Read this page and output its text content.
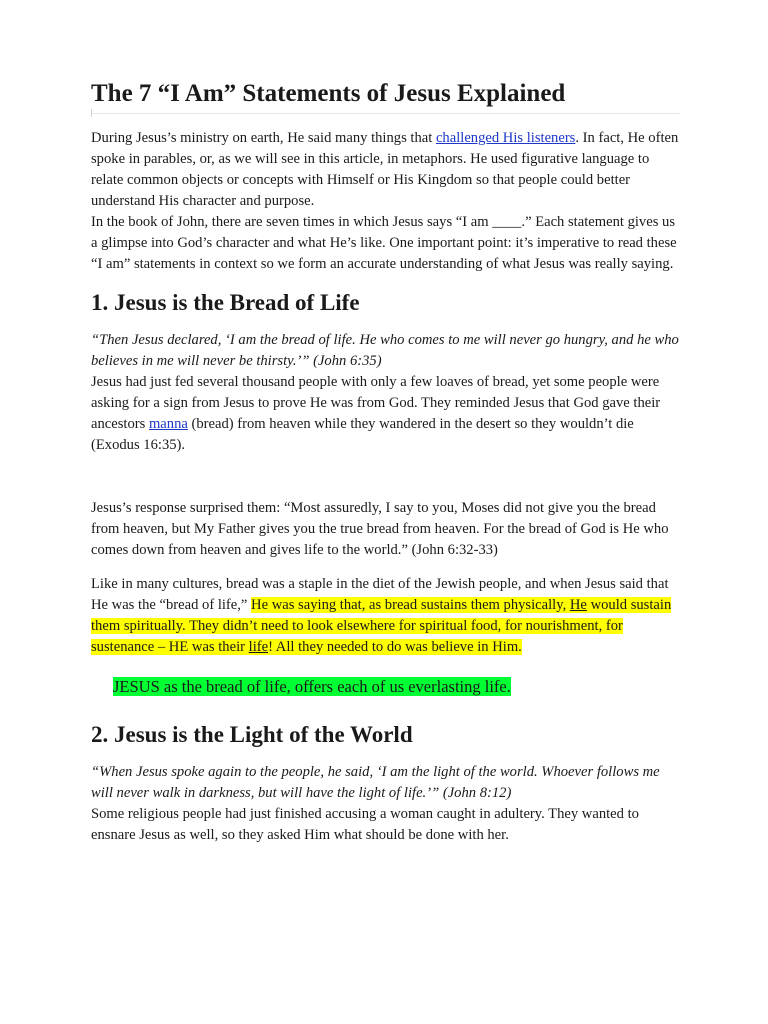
The 7 “I Am” Statements of Jesus Explained

During Jesus’s ministry on earth, He said many things that challenged His listeners. In fact, He often spoke in parables, or, as we will see in this article, in metaphors. He used figurative language to relate common objects or concepts with Himself or His Kingdom so that people could better understand His character and purpose.

In the book of John, there are seven times in which Jesus says “I am ____.” Each statement gives us a glimpse into God’s character and what He’s like. One important point: it’s imperative to read these “I am” statements in context so we form an accurate understanding of what Jesus was really saying.

1. Jesus is the Bread of Life

“Then Jesus declared, ‘I am the bread of life. He who comes to me will never go hungry, and he who believes in me will never be thirsty.’” (John 6:35)

Jesus had just fed several thousand people with only a few loaves of bread, yet some people were asking for a sign from Jesus to prove He was from God. They reminded Jesus that God gave their ancestors manna (bread) from heaven while they wandered in the desert so they wouldn’t die (Exodus 16:35).

Jesus’s response surprised them: “Most assuredly, I say to you, Moses did not give you the bread from heaven, but My Father gives you the true bread from heaven. For the bread of God is He who comes down from heaven and gives life to the world.” (John 6:32-33)

Like in many cultures, bread was a staple in the diet of the Jewish people, and when Jesus said that He was the “bread of life,” He was saying that, as bread sustains them physically, He would sustain them spiritually. They didn’t need to look elsewhere for spiritual food, for nourishment, for sustenance – HE was their life! All they needed to do was believe in Him.

JESUS as the bread of life, offers each of us everlasting life.
2. Jesus is the Light of the World

“When Jesus spoke again to the people, he said, ‘I am the light of the world. Whoever follows me will never walk in darkness, but will have the light of life.’” (John 8:12)

Some religious people had just finished accusing a woman caught in adultery. They wanted to ensnare Jesus as well, so they asked Him what should be done with her.
